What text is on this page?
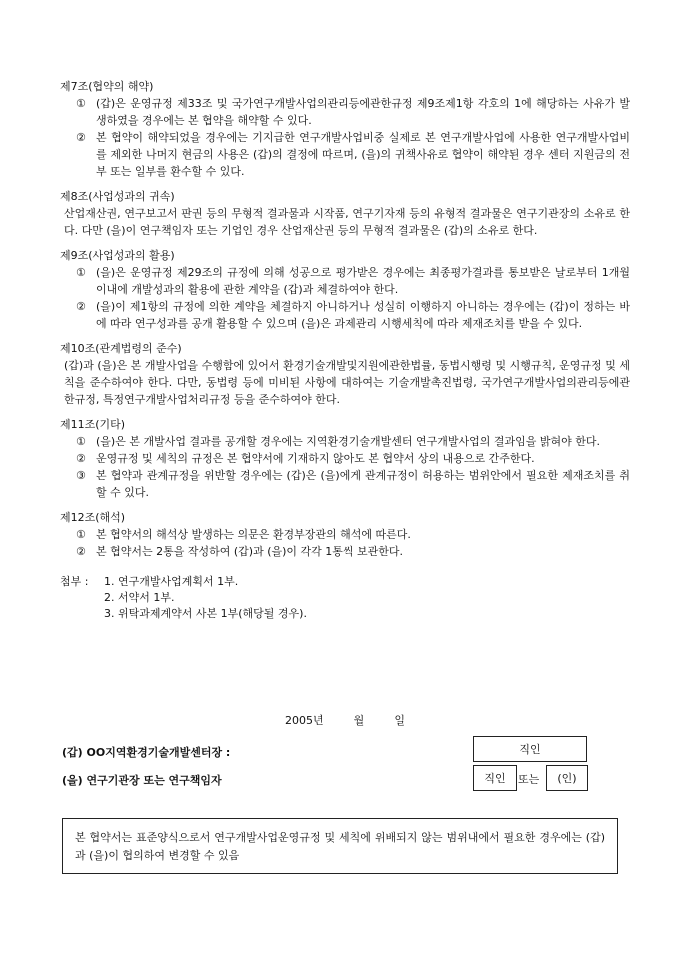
제7조(협약의 해약)
① (갑)은 운영규정 제33조 및 국가연구개발사업의관리등에관한규정 제9조제1항 각호의 1에 해당하는 사유가 발생하였을 경우에는 본 협약을 해약할 수 있다.
② 본 협약이 해약되었을 경우에는 기지급한 연구개발사업비중 실제로 본 연구개발사업에 사용한 연구개발사업비를 제외한 나머지 현금의 사용은 (갑)의 결정에 따르며, (을)의 귀책사유로 협약이 해약된 경우 센터 지원금의 전부 또는 일부를 환수할 수 있다.
제8조(사업성과의 귀속)
산업재산권, 연구보고서 판권 등의 무형적 결과물과 시작품, 연구기자재 등의 유형적 결과물은 연구기관장의 소유로 한다. 다만 (을)이 연구책임자 또는 기업인 경우 산업재산권 등의 무형적 결과물은 (갑)의 소유로 한다.
제9조(사업성과의 활용)
① (을)은 운영규정 제29조의 규정에 의해 성공으로 평가받은 경우에는 최종평가결과를 통보받은 날로부터 1개월 이내에 개발성과의 활용에 관한 계약을 (갑)과 체결하여야 한다.
② (을)이 제1항의 규정에 의한 계약을 체결하지 아니하거나 성실히 이행하지 아니하는 경우에는 (갑)이 정하는 바에 따라 연구성과를 공개 활용할 수 있으며 (을)은 과제관리 시행세칙에 따라 제재조치를 받을 수 있다.
제10조(관계법령의 준수)
(갑)과 (을)은 본 개발사업을 수행함에 있어서 환경기술개발및지원에관한법률, 동법시행령 및 시행규칙, 운영규정 및 세칙을 준수하여야 한다. 다만, 동법령 등에 미비된 사항에 대하여는 기술개발촉진법령, 국가연구개발사업의관리등에관한규정, 특정연구개발사업처리규정 등을 준수하여야 한다.
제11조(기타)
① (을)은 본 개발사업 결과를 공개할 경우에는 지역환경기술개발센터 연구개발사업의 결과임을 밝혀야 한다.
② 운영규정 및 세칙의 규정은 본 협약서에 기재하지 않아도 본 협약서 상의 내용으로 간주한다.
③ 본 협약과 관계규정을 위반할 경우에는 (갑)은 (을)에게 관계규정이 허용하는 범위안에서 필요한 제재조치를 취할 수 있다.
제12조(해석)
① 본 협약서의 해석상 발생하는 의문은 환경부장관의 해석에 따른다.
② 본 협약서는 2통을 작성하여 (갑)과 (을)이 각각 1통씩 보관한다.
첨부 :	1. 연구개발사업계획서 1부.
2. 서약서 1부.
3. 위탁과제계약서 사본 1부(해당될 경우).
2005년	월	일
(갑) OO지역환경기술개발센터장 :	직인
(을) 연구기관장 또는 연구책임자	직인 또는 (인)
본 협약서는 표준양식으로서 연구개발사업운영규정 및 세칙에 위배되지 않는 범위내에서 필요한 경우에는 (갑)과 (을)이 협의하여 변경할 수 있음
